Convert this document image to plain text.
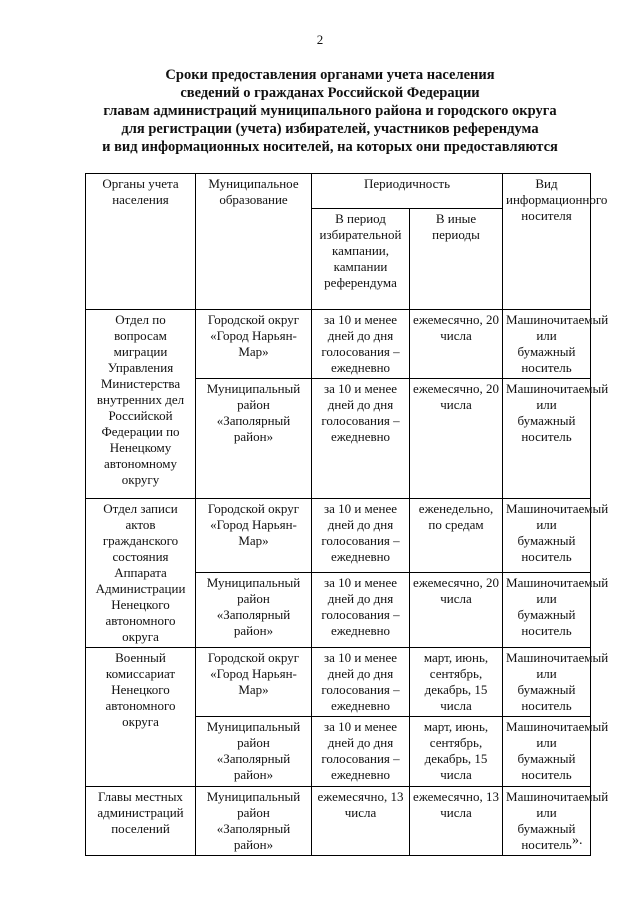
2
Сроки предоставления органами учета населения
сведений о гражданах Российской Федерации
главам администраций муниципального района и городского округа
для регистрации (учета) избирателей, участников референдума
и вид информационных носителей, на которых они предоставляются
Органы учета населения	Муниципальное образование	Периодичность		Вид информационного носителя
		В период избирательной кампании, кампании референдума	В иные периоды	
Отдел по вопросам миграции Управления Министерства внутренних дел Российской Федерации по Ненецкому автономному округу	Городской округ «Город Нарьян-Мар»	за 10 и менее дней до дня голосования – ежедневно	ежемесячно, 20 числа	Машиночитаемый или бумажный носитель
	Муниципальный район «Заполярный район»	за 10 и менее дней до дня голосования – ежедневно	ежемесячно, 20 числа	Машиночитаемый или бумажный носитель
Отдел записи актов гражданского состояния Аппарата Администрации Ненецкого автономного округа	Городской округ «Город Нарьян-Мар»	за 10 и менее дней до дня голосования – ежедневно	еженедельно, по средам	Машиночитаемый или бумажный носитель
	Муниципальный район «Заполярный район»	за 10 и менее дней до дня голосования – ежедневно	ежемесячно, 20 числа	Машиночитаемый или бумажный носитель
Военный комиссариат Ненецкого автономного округа	Городской округ «Город Нарьян-Мар»	за 10 и менее дней до дня голосования – ежедневно	март, июнь, сентябрь, декабрь, 15 числа	Машиночитаемый или бумажный носитель
	Муниципальный район «Заполярный район»	за 10 и менее дней до дня голосования – ежедневно	март, июнь, сентябрь, декабрь, 15 числа	Машиночитаемый или бумажный носитель
Главы местных администраций поселений	Муниципальный район «Заполярный район»	ежемесячно, 13 числа	ежемесячно, 13 числа	Машиночитаемый или бумажный носитель ».
